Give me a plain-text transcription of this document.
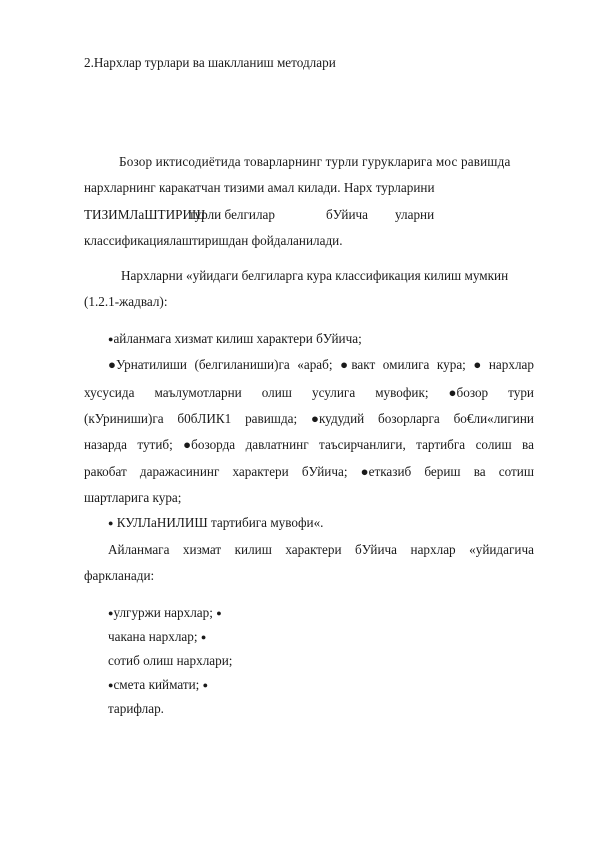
2.Нархлар турлари ва шаклланиш методлари
Бозор иктисодиётида товарларнинг турли гурукларига мос равишда
нархларнинг каракатчан тизими амал килади. Нарх турларини
ТИЗИМЛаШТИРИШ
турли белгилар	бУйича уларни
классификациялаштиришдан фойдаланилади.
Нархларни «уйидаги белгиларга кура классификация килиш мумкин
(1.2.1-жадвал):
●айланмага хизмат килиш характери бУйича;
●Урнатилиши (белгиланиши)га «араб; ● вакт омилига кура; ● нархлар
хусусида маълумотларни олиш усулига мувофик; ●бозор тури
(кУриниши)га б0бЛИК1 равишда; ●кудудий бозорларга бо€ли«лигини
назарда тутиб; ●бозорда давлатнинг таъсирчанлиги, тартибга солиш ва
ракобат даражасининг характери бУйича; ●етказиб бериш ва сотиш
шартларига кура;
● КУЛЛаНИЛИШ тартибига мувофи«.
Айланмага хизмат килиш характери бУйича нархлар «уйидагича
фаркланади:
●улгуржи нархлар; ●
чакана нархлар; ●
сотиб олиш нархлари;
●смета киймати; ●
тарифлар.
